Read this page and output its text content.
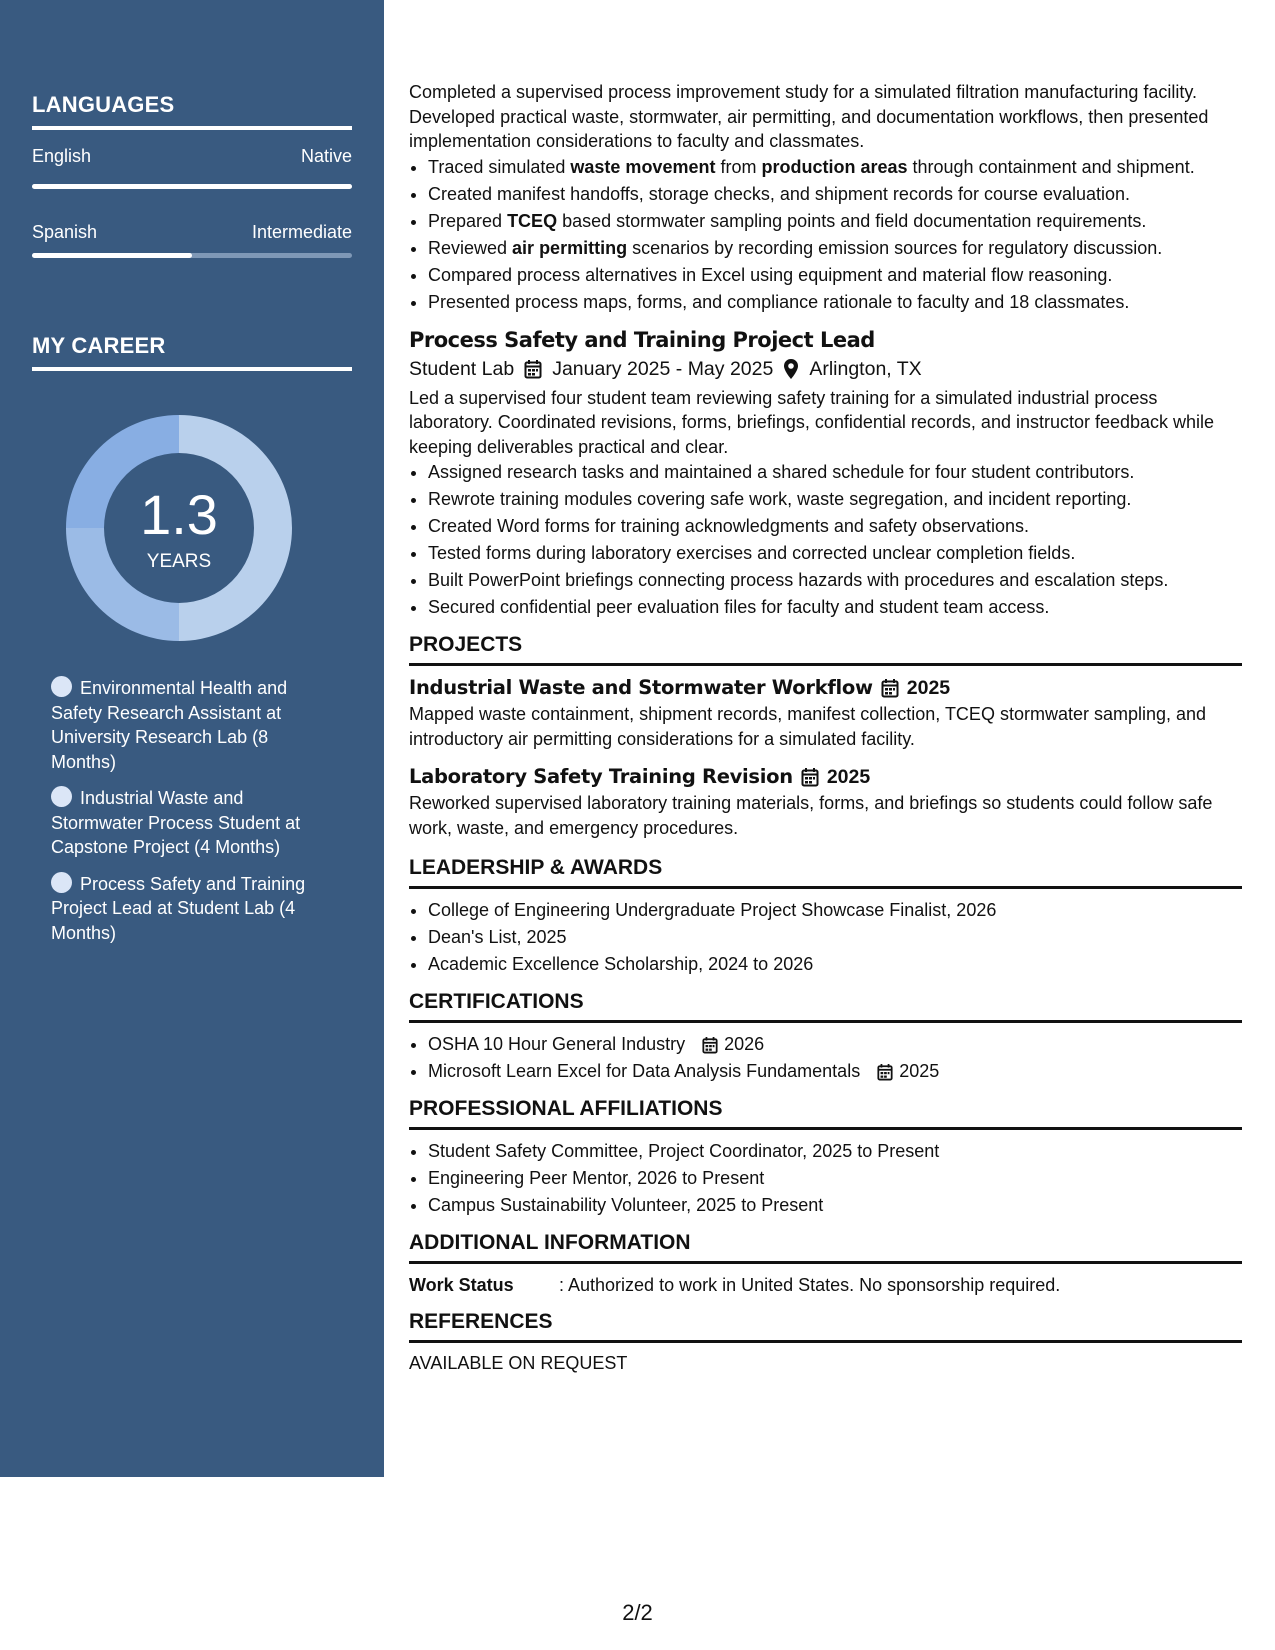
LANGUAGES
English	Native
Spanish	Intermediate
MY CAREER
1.3
YEARS
Environmental Health and Safety Research Assistant at University Research Lab (8 Months)
Industrial Waste and Stormwater Process Student at Capstone Project (4 Months)
Process Safety and Training Project Lead at Student Lab (4 Months)

Completed a supervised process improvement study for a simulated filtration manufacturing facility. Developed practical waste, stormwater, air permitting, and documentation workflows, then presented implementation considerations to faculty and classmates.

• Traced simulated waste movement from production areas through containment and shipment.
• Created manifest handoffs, storage checks, and shipment records for course evaluation.
• Prepared TCEQ based stormwater sampling points and field documentation requirements.
• Reviewed air permitting scenarios by recording emission sources for regulatory discussion.
• Compared process alternatives in Excel using equipment and material flow reasoning.
• Presented process maps, forms, and compliance rationale to faculty and 18 classmates.
Process Safety and Training Project Lead
Student Lab January 2025 - May 2025 Arlington, TX

Led a supervised four student team reviewing safety training for a simulated industrial process laboratory. Coordinated revisions, forms, briefings, confidential records, and instructor feedback while keeping deliverables practical and clear.

• Assigned research tasks and maintained a shared schedule for four student contributors.
• Rewrote training modules covering safe work, waste segregation, and incident reporting.
• Created Word forms for training acknowledgments and safety observations.
• Tested forms during laboratory exercises and corrected unclear completion fields.
• Built PowerPoint briefings connecting process hazards with procedures and escalation steps.
• Secured confidential peer evaluation files for faculty and student team access.
PROJECTS
Industrial Waste and Stormwater Workflow 2025

Mapped waste containment, shipment records, manifest collection, TCEQ stormwater sampling, and introductory air permitting considerations for a simulated facility.

Laboratory Safety Training Revision 2025

Reworked supervised laboratory training materials, forms, and briefings so students could follow safe work, waste, and emergency procedures.

LEADERSHIP & AWARDS
• College of Engineering Undergraduate Project Showcase Finalist, 2026
• Dean's List, 2025
• Academic Excellence Scholarship, 2024 to 2026
CERTIFICATIONS
• OSHA 10 Hour General Industry
2026
• Microsoft Learn Excel for Data Analysis Fundamentals
2025
PROFESSIONAL AFFILIATIONS
• Student Safety Committee, Project Coordinator, 2025 to Present
• Engineering Peer Mentor, 2026 to Present
• Campus Sustainability Volunteer, 2025 to Present
ADDITIONAL INFORMATION
Work Status	: Authorized to work in United States. No sponsorship required.
REFERENCES

AVAILABLE ON REQUEST

2/2
